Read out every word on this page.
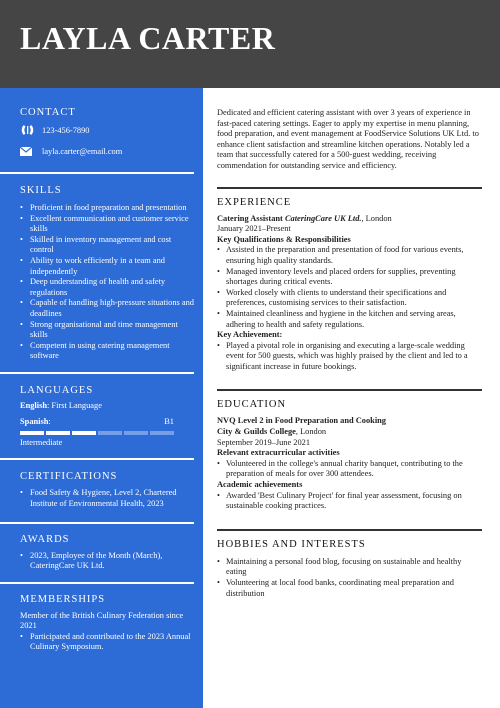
LAYLA CARTER
CONTACT
123-456-7890
layla.carter@email.com
SKILLS
• Proficient in food preparation and presentation
• Excellent communication and customer service skills
• Skilled in inventory management and cost control
• Ability to work efficiently in a team and independently
• Deep understanding of health and safety regulations
• Capable of handling high-pressure situations and deadlines
• Strong organisational and time management skills
• Competent in using catering management software
LANGUAGES
English: First Language
Spanish:	B1
Intermediate
CERTIFICATIONS
• Food Safety & Hygiene, Level 2, Chartered Institute of Environmental Health, 2023
AWARDS
• 2023, Employee of the Month (March), CateringCare UK Ltd.
MEMBERSHIPS
Member of the British Culinary Federation since 2021
• Participated and contributed to the 2023 Annual Culinary Symposium.
Dedicated and efficient catering assistant with over 3 years of experience in fast-paced catering settings. Eager to apply my expertise in menu planning, food preparation, and event management at FoodService Solutions UK Ltd. to enhance client satisfaction and streamline kitchen operations. Notably led a team that successfully catered for a 500-guest wedding, receiving commendation for outstanding service and efficiency.
EXPERIENCE
Catering Assistant CateringCare UK Ltd., London
January 2021–Present
Key Qualifications & Responsibilities
• Assisted in the preparation and presentation of food for various events, ensuring high quality standards.
• Managed inventory levels and placed orders for supplies, preventing shortages during critical events.
• Worked closely with clients to understand their specifications and preferences, customising services to their satisfaction.
• Maintained cleanliness and hygiene in the kitchen and serving areas, adhering to health and safety regulations.
Key Achievement:
• Played a pivotal role in organising and executing a large-scale wedding event for 500 guests, which was highly praised by the client and led to a significant increase in future bookings.
EDUCATION
NVQ Level 2 in Food Preparation and Cooking
City & Guilds College, London
September 2019–June 2021
Relevant extracurricular activities
• Volunteered in the college's annual charity banquet, contributing to the preparation of meals for over 300 attendees.
Academic achievements
• Awarded 'Best Culinary Project' for final year assessment, focusing on sustainable cooking practices.
HOBBIES AND INTERESTS
• Maintaining a personal food blog, focusing on sustainable and healthy eating
• Volunteering at local food banks, coordinating meal preparation and distribution
